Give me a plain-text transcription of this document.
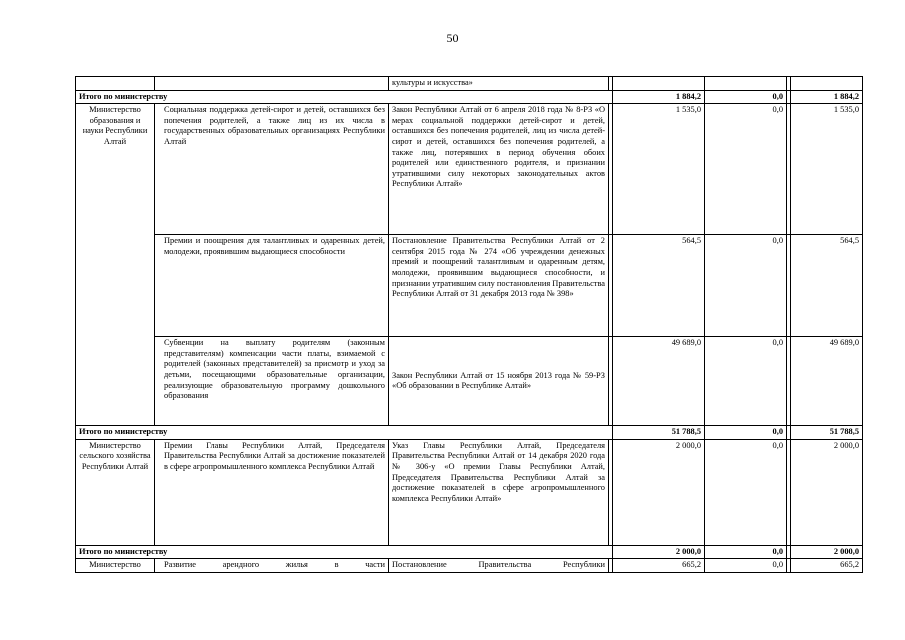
50
		культуры и искусства»					
Итого по министерству				1 884,2	0,0		1 884,2
Министерство образования и науки Республики Алтай	Социальная поддержка детей-сирот и детей, оставшихся без попечения родителей, а также лиц из их числа в государственных образовательных организациях Республики Алтай	Закон Республики Алтай от 6 апреля 2018 года № 8-РЗ «О мерах социальной поддержки детей-сирот и детей, оставшихся без попечения родителей, лиц из числа детей-сирот и детей, оставшихся без попечения родителей, а также лиц, потерявших в период обучения обоих родителей или единственного родителя, и признании утратившими силу некоторых законодательных актов Республики Алтай»		1 535,0	0,0		1 535,0
	Премии и поощрения для талантливых и одаренных детей, молодежи, проявившим выдающиеся способности	Постановление Правительства Республики Алтай от 2 сентября 2015 года № 274 «Об учреждении денежных премий и поощрений талантливым и одаренным детям, молодежи, проявившим выдающиеся способности, и признании утратившим силу постановления Правительства Республики Алтай от 31 декабря 2013 года № 398»		564,5	0,0		564,5
	Субвенции на выплату родителям (законным представителям) компенсации части платы, взимаемой с родителей (законных представителей) за присмотр и уход за детьми, посещающими образовательные организации, реализующие образовательную программу дошкольного образования	Закон Республики Алтай от 15 ноября 2013 года № 59-РЗ «Об образовании в Республике Алтай»		49 689,0	0,0		49 689,0
Итого по министерству				51 788,5	0,0		51 788,5
Министерство сельского хозяйства Республики Алтай	Премии Главы Республики Алтай, Председателя Правительства Республики Алтай за достижение показателей в сфере агропромышленного комплекса Республики Алтай	Указ Главы Республики Алтай, Председателя Правительства Республики Алтай от 14 декабря 2020 года № 306-у «О премии Главы Республики Алтай, Председателя Правительства Республики Алтай за достижение показателей в сфере агропромышленного комплекса Республики Алтай»		2 000,0	0,0		2 000,0
Итого по министерству				2 000,0	0,0		2 000,0
Министерство	Развитие арендного жилья в части	Постановление Правительства Республики		665,2	0,0		665,2
